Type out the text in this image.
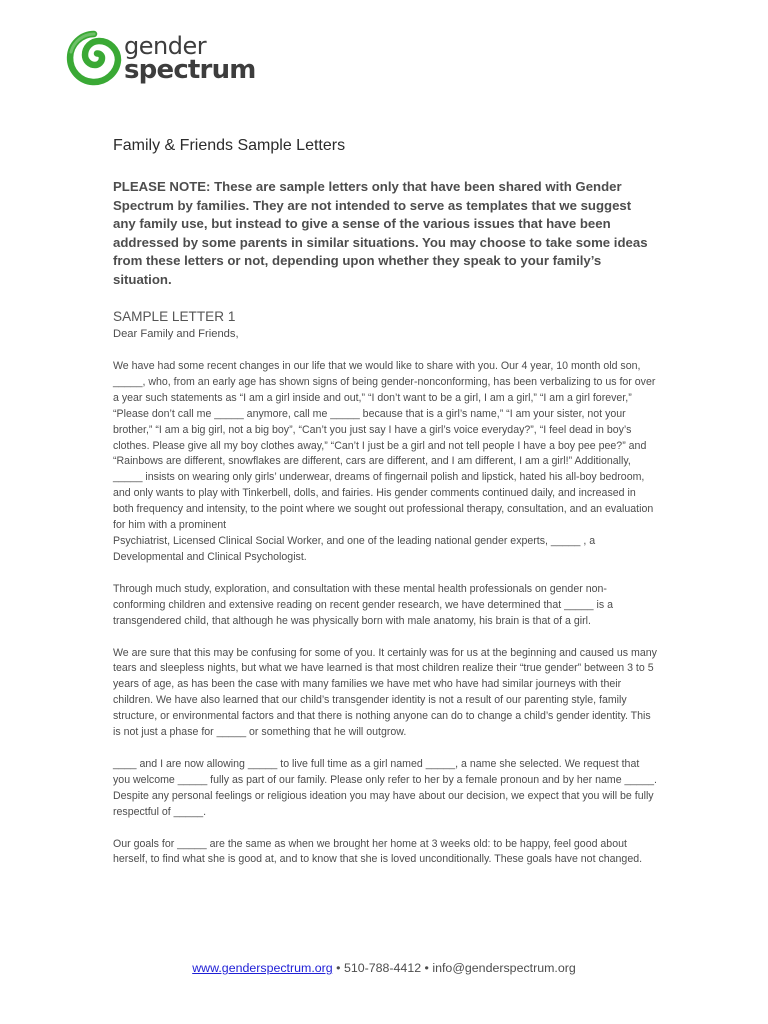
gender
spectrum
Family & Friends Sample Letters

PLEASE NOTE: These are sample letters only that have been shared with Gender Spectrum by families. They are not intended to serve as templates that we suggest any family use, but instead to give a sense of the various issues that have been addressed by some parents in similar situations. You may choose to take some ideas from these letters or not, depending upon whether they speak to your family’s situation.

SAMPLE LETTER 1

Dear Family and Friends,

We have had some recent changes in our life that we would like to share with you. Our 4 year, 10 month old son, _____, who, from an early age has shown signs of being gender-nonconforming, has been verbalizing to us for over a year such statements as “I am a girl inside and out,” “I don’t want to be a girl, I am a girl,” “I am a girl forever,” “Please don’t call me _____ anymore, call me _____ because that is a girl’s name,” “I am your sister, not your brother,” “I am a big girl, not a big boy”, “Can’t you just say I have a girl’s voice everyday?”, “I feel dead in boy’s clothes. Please give all my boy clothes away,” “Can’t I just be a girl and not tell people I have a boy pee pee?” and “Rainbows are different, snowflakes are different, cars are different, and I am different, I am a girl!” Additionally, _____ insists on wearing only girls’ underwear, dreams of fingernail polish and lipstick, hated his all-boy bedroom, and only wants to play with Tinkerbell, dolls, and fairies. His gender comments continued daily, and increased in both frequency and intensity, to the point where we sought out professional therapy, consultation, and an evaluation for him with a prominent

Psychiatrist, Licensed Clinical Social Worker, and one of the leading national gender experts, _____ , a Developmental and Clinical Psychologist.

Through much study, exploration, and consultation with these mental health professionals on gender non-conforming children and extensive reading on recent gender research, we have determined that _____ is a transgendered child, that although he was physically born with male anatomy, his brain is that of a girl.

We are sure that this may be confusing for some of you. It certainly was for us at the beginning and caused us many tears and sleepless nights, but what we have learned is that most children realize their “true gender” between 3 to 5 years of age, as has been the case with many families we have met who have had similar journeys with their children. We have also learned that our child’s transgender identity is not a result of our parenting style, family structure, or environmental factors and that there is nothing anyone can do to change a child’s gender identity. This is not just a phase for _____ or something that he will outgrow.

____ and I are now allowing _____ to live full time as a girl named _____, a name she selected. We request that you welcome _____ fully as part of our family. Please only refer to her by a female pronoun and by her name _____. Despite any personal feelings or religious ideation you may have about our decision, we expect that you will be fully respectful of _____.

Our goals for _____ are the same as when we brought her home at 3 weeks old: to be happy, feel good about herself, to find what she is good at, and to know that she is loved unconditionally. These goals have not changed.

www.genderspectrum.org • 510-788-4412 • info@genderspectrum.org
